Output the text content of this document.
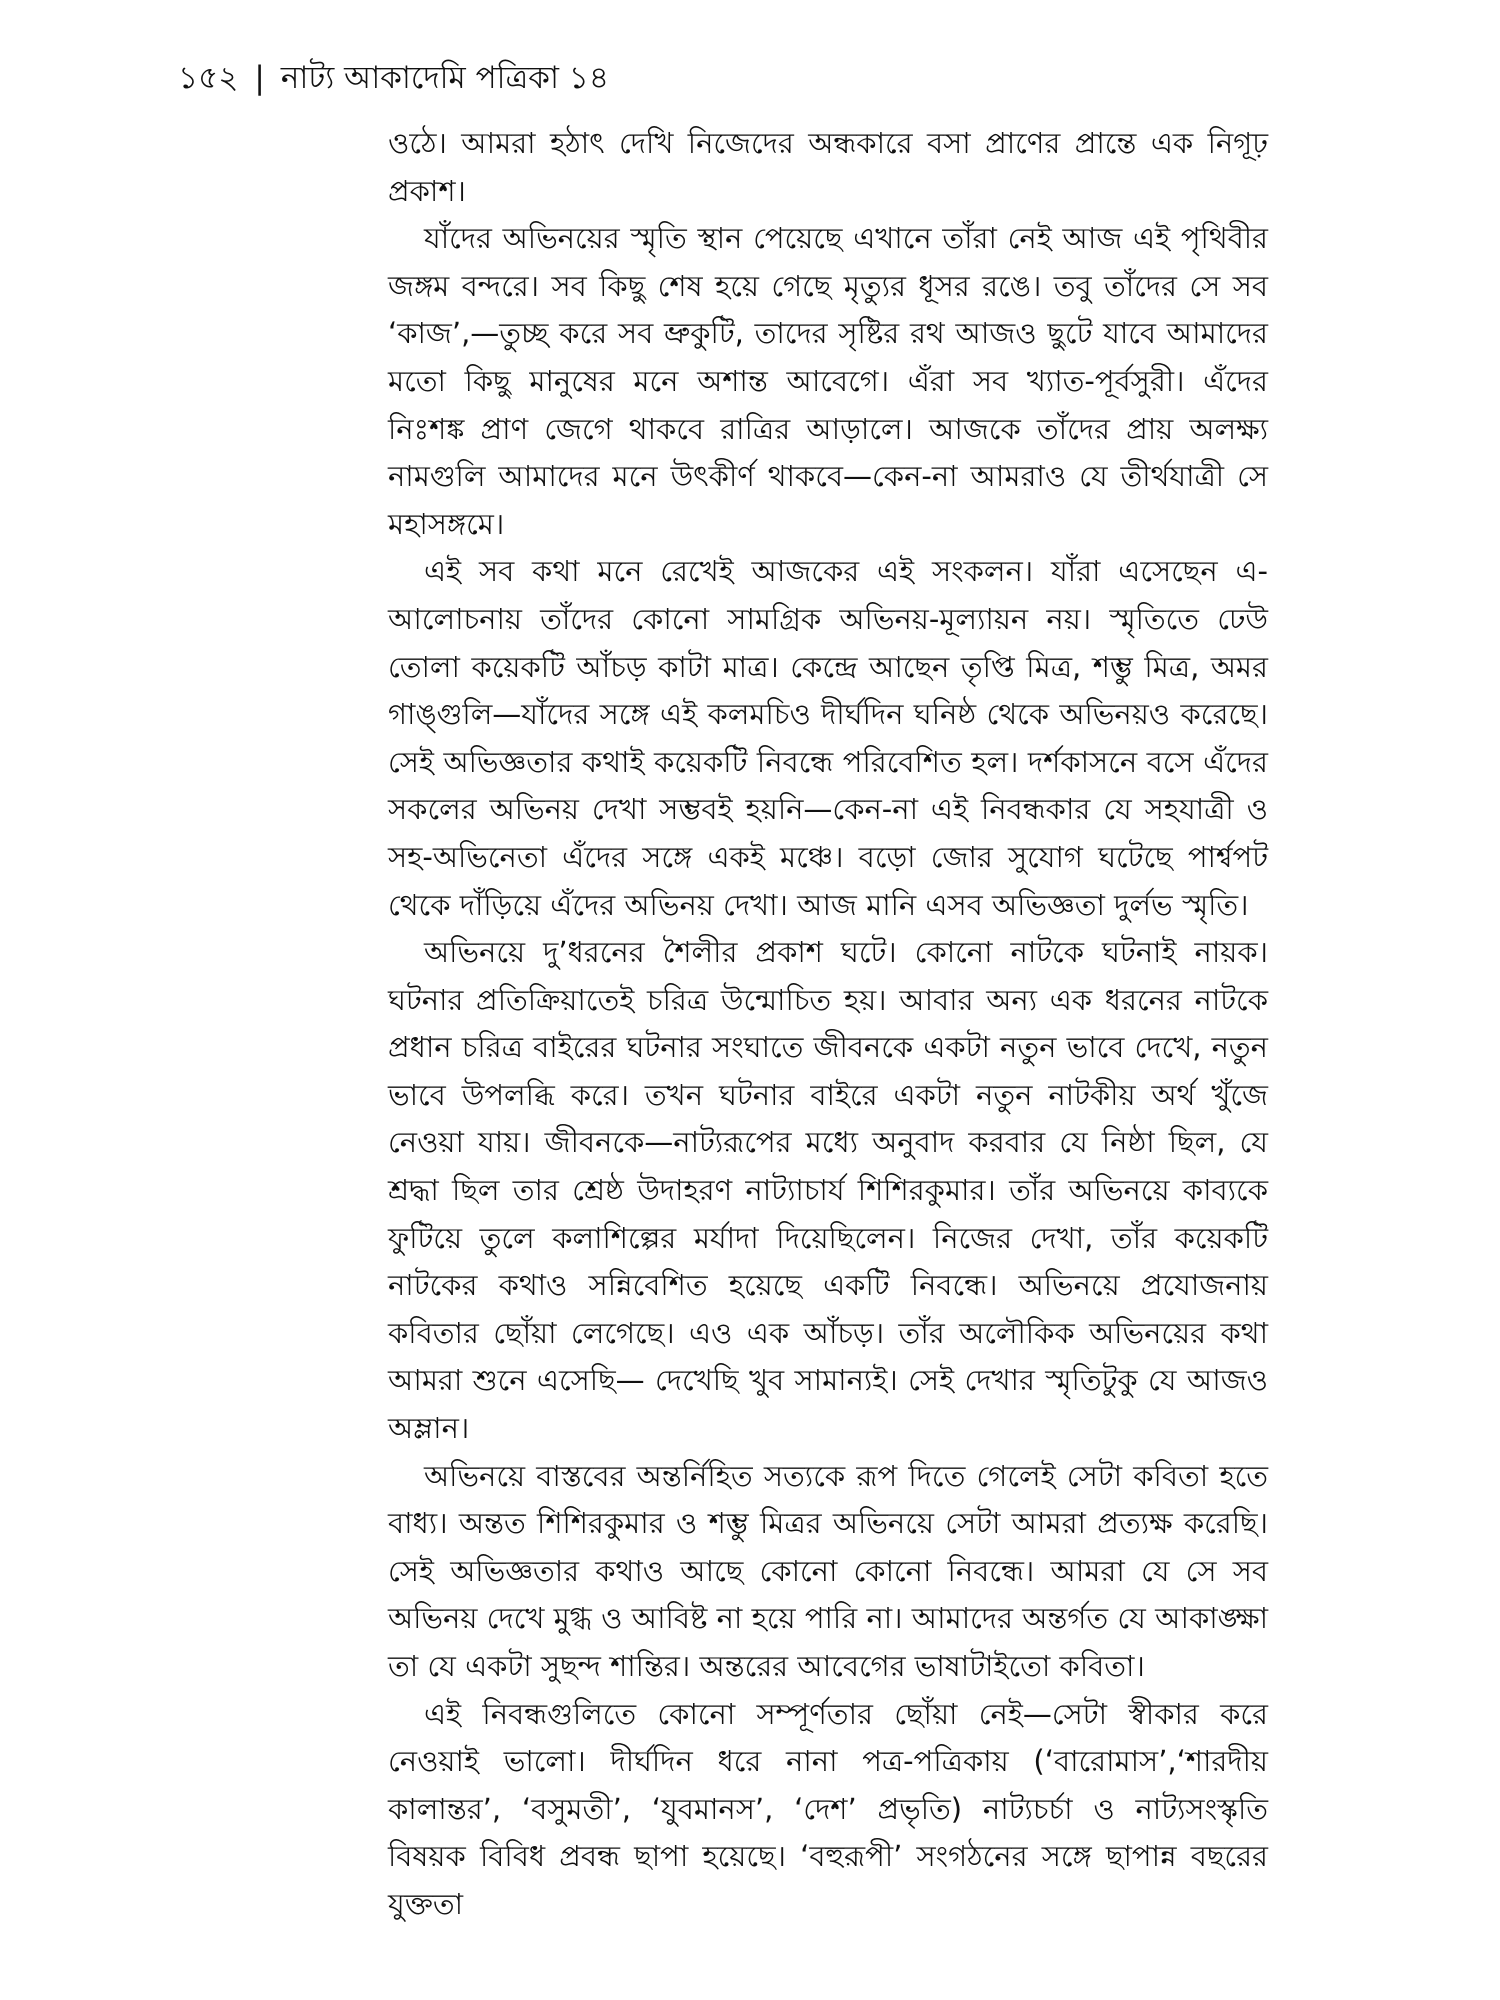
১৫২ | নাট্য আকাদেমি পত্রিকা ১৪

ওঠে। আমরা হঠাৎ দেখি নিজেদের অন্ধকারে বসা প্রাণের প্রান্তে এক নিগূঢ় প্রকাশ।

যাঁদের অভিনয়ের স্মৃতি স্থান পেয়েছে এখানে তাঁরা নেই আজ এই পৃথিবীর জঙ্গম বন্দরে। সব কিছু শেষ হয়ে গেছে মৃত্যুর ধূসর রঙে। তবু তাঁদের সে সব ‘কাজ’,—তুচ্ছ করে সব ভ্রুকুটি, তাদের সৃষ্টির রথ আজও ছুটে যাবে আমাদের মতো কিছু মানুষের মনে অশান্ত আবেগে। এঁরা সব খ্যাত-পূর্বসুরী। এঁদের নিঃশঙ্ক প্রাণ জেগে থাকবে রাত্রির আড়ালে। আজকে তাঁদের প্রায় অলক্ষ্য নামগুলি আমাদের মনে উৎকীর্ণ থাকবে—কেন-না আমরাও যে তীর্থযাত্রী সে মহাসঙ্গমে।

এই সব কথা মনে রেখেই আজকের এই সংকলন। যাঁরা এসেছেন এ-আলোচনায় তাঁদের কোনো সামগ্রিক অভিনয়-মূল্যায়ন নয়। স্মৃতিতে ঢেউ তোলা কয়েকটি আঁচড় কাটা মাত্র। কেন্দ্রে আছেন তৃপ্তি মিত্র, শম্ভু মিত্র, অমর গাঙ্গুলি—যাঁদের সঙ্গে এই কলমচিও দীর্ঘদিন ঘনিষ্ঠ থেকে অভিনয়ও করেছে। সেই অভিজ্ঞতার কথাই কয়েকটি নিবন্ধে পরিবেশিত হল। দর্শকাসনে বসে এঁদের সকলের অভিনয় দেখা সম্ভবই হয়নি—কেন-না এই নিবন্ধকার যে সহযাত্রী ও সহ-অভিনেতা এঁদের সঙ্গে একই মঞ্চে। বড়ো জোর সুযোগ ঘটেছে পার্শ্বপট থেকে দাঁড়িয়ে এঁদের অভিনয় দেখা। আজ মানি এসব অভিজ্ঞতা দুর্লভ স্মৃতি।

অভিনয়ে দু’ধরনের শৈলীর প্রকাশ ঘটে। কোনো নাটকে ঘটনাই নায়ক। ঘটনার প্রতিক্রিয়াতেই চরিত্র উন্মোচিত হয়। আবার অন্য এক ধরনের নাটকে প্রধান চরিত্র বাইরের ঘটনার সংঘাতে জীবনকে একটা নতুন ভাবে দেখে, নতুন ভাবে উপলব্ধি করে। তখন ঘটনার বাইরে একটা নতুন নাটকীয় অর্থ খুঁজে নেওয়া যায়। জীবনকে—নাট্যরূপের মধ্যে অনুবাদ করবার যে নিষ্ঠা ছিল, যে শ্রদ্ধা ছিল তার শ্রেষ্ঠ উদাহরণ নাট্যাচার্য শিশিরকুমার। তাঁর অভিনয়ে কাব্যকে ফুটিয়ে তুলে কলাশিল্পের মর্যাদা দিয়েছিলেন। নিজের দেখা, তাঁর কয়েকটি নাটকের কথাও সন্নিবেশিত হয়েছে একটি নিবন্ধে। অভিনয়ে প্রযোজনায় কবিতার ছোঁয়া লেগেছে। এও এক আঁচড়। তাঁর অলৌকিক অভিনয়ের কথা আমরা শুনে এসেছি— দেখেছি খুব সামান্যই। সেই দেখার স্মৃতিটুকু যে আজও অম্লান।

অভিনয়ে বাস্তবের অন্তর্নিহিত সত্যকে রূপ দিতে গেলেই সেটা কবিতা হতে বাধ্য। অন্তত শিশিরকুমার ও শম্ভু মিত্রর অভিনয়ে সেটা আমরা প্রত্যক্ষ করেছি। সেই অভিজ্ঞতার কথাও আছে কোনো কোনো নিবন্ধে। আমরা যে সে সব অভিনয় দেখে মুগ্ধ ও আবিষ্ট না হয়ে পারি না। আমাদের অন্তর্গত যে আকাঙ্ক্ষা তা যে একটা সুছন্দ শান্তির। অন্তরের আবেগের ভাষাটাইতো কবিতা।

এই নিবন্ধগুলিতে কোনো সম্পূর্ণতার ছোঁয়া নেই—সেটা স্বীকার করে নেওয়াই ভালো। দীর্ঘদিন ধরে নানা পত্র-পত্রিকায় (‘বারোমাস’,‘শারদীয় কালান্তর’, ‘বসুমতী’, ‘যুবমানস’, ‘দেশ’ প্রভৃতি) নাট্যচর্চা ও নাট্যসংস্কৃতি বিষয়ক বিবিধ প্রবন্ধ ছাপা হয়েছে। ‘বহুরূপী’ সংগঠনের সঙ্গে ছাপান্ন বছরের যুক্ততা
